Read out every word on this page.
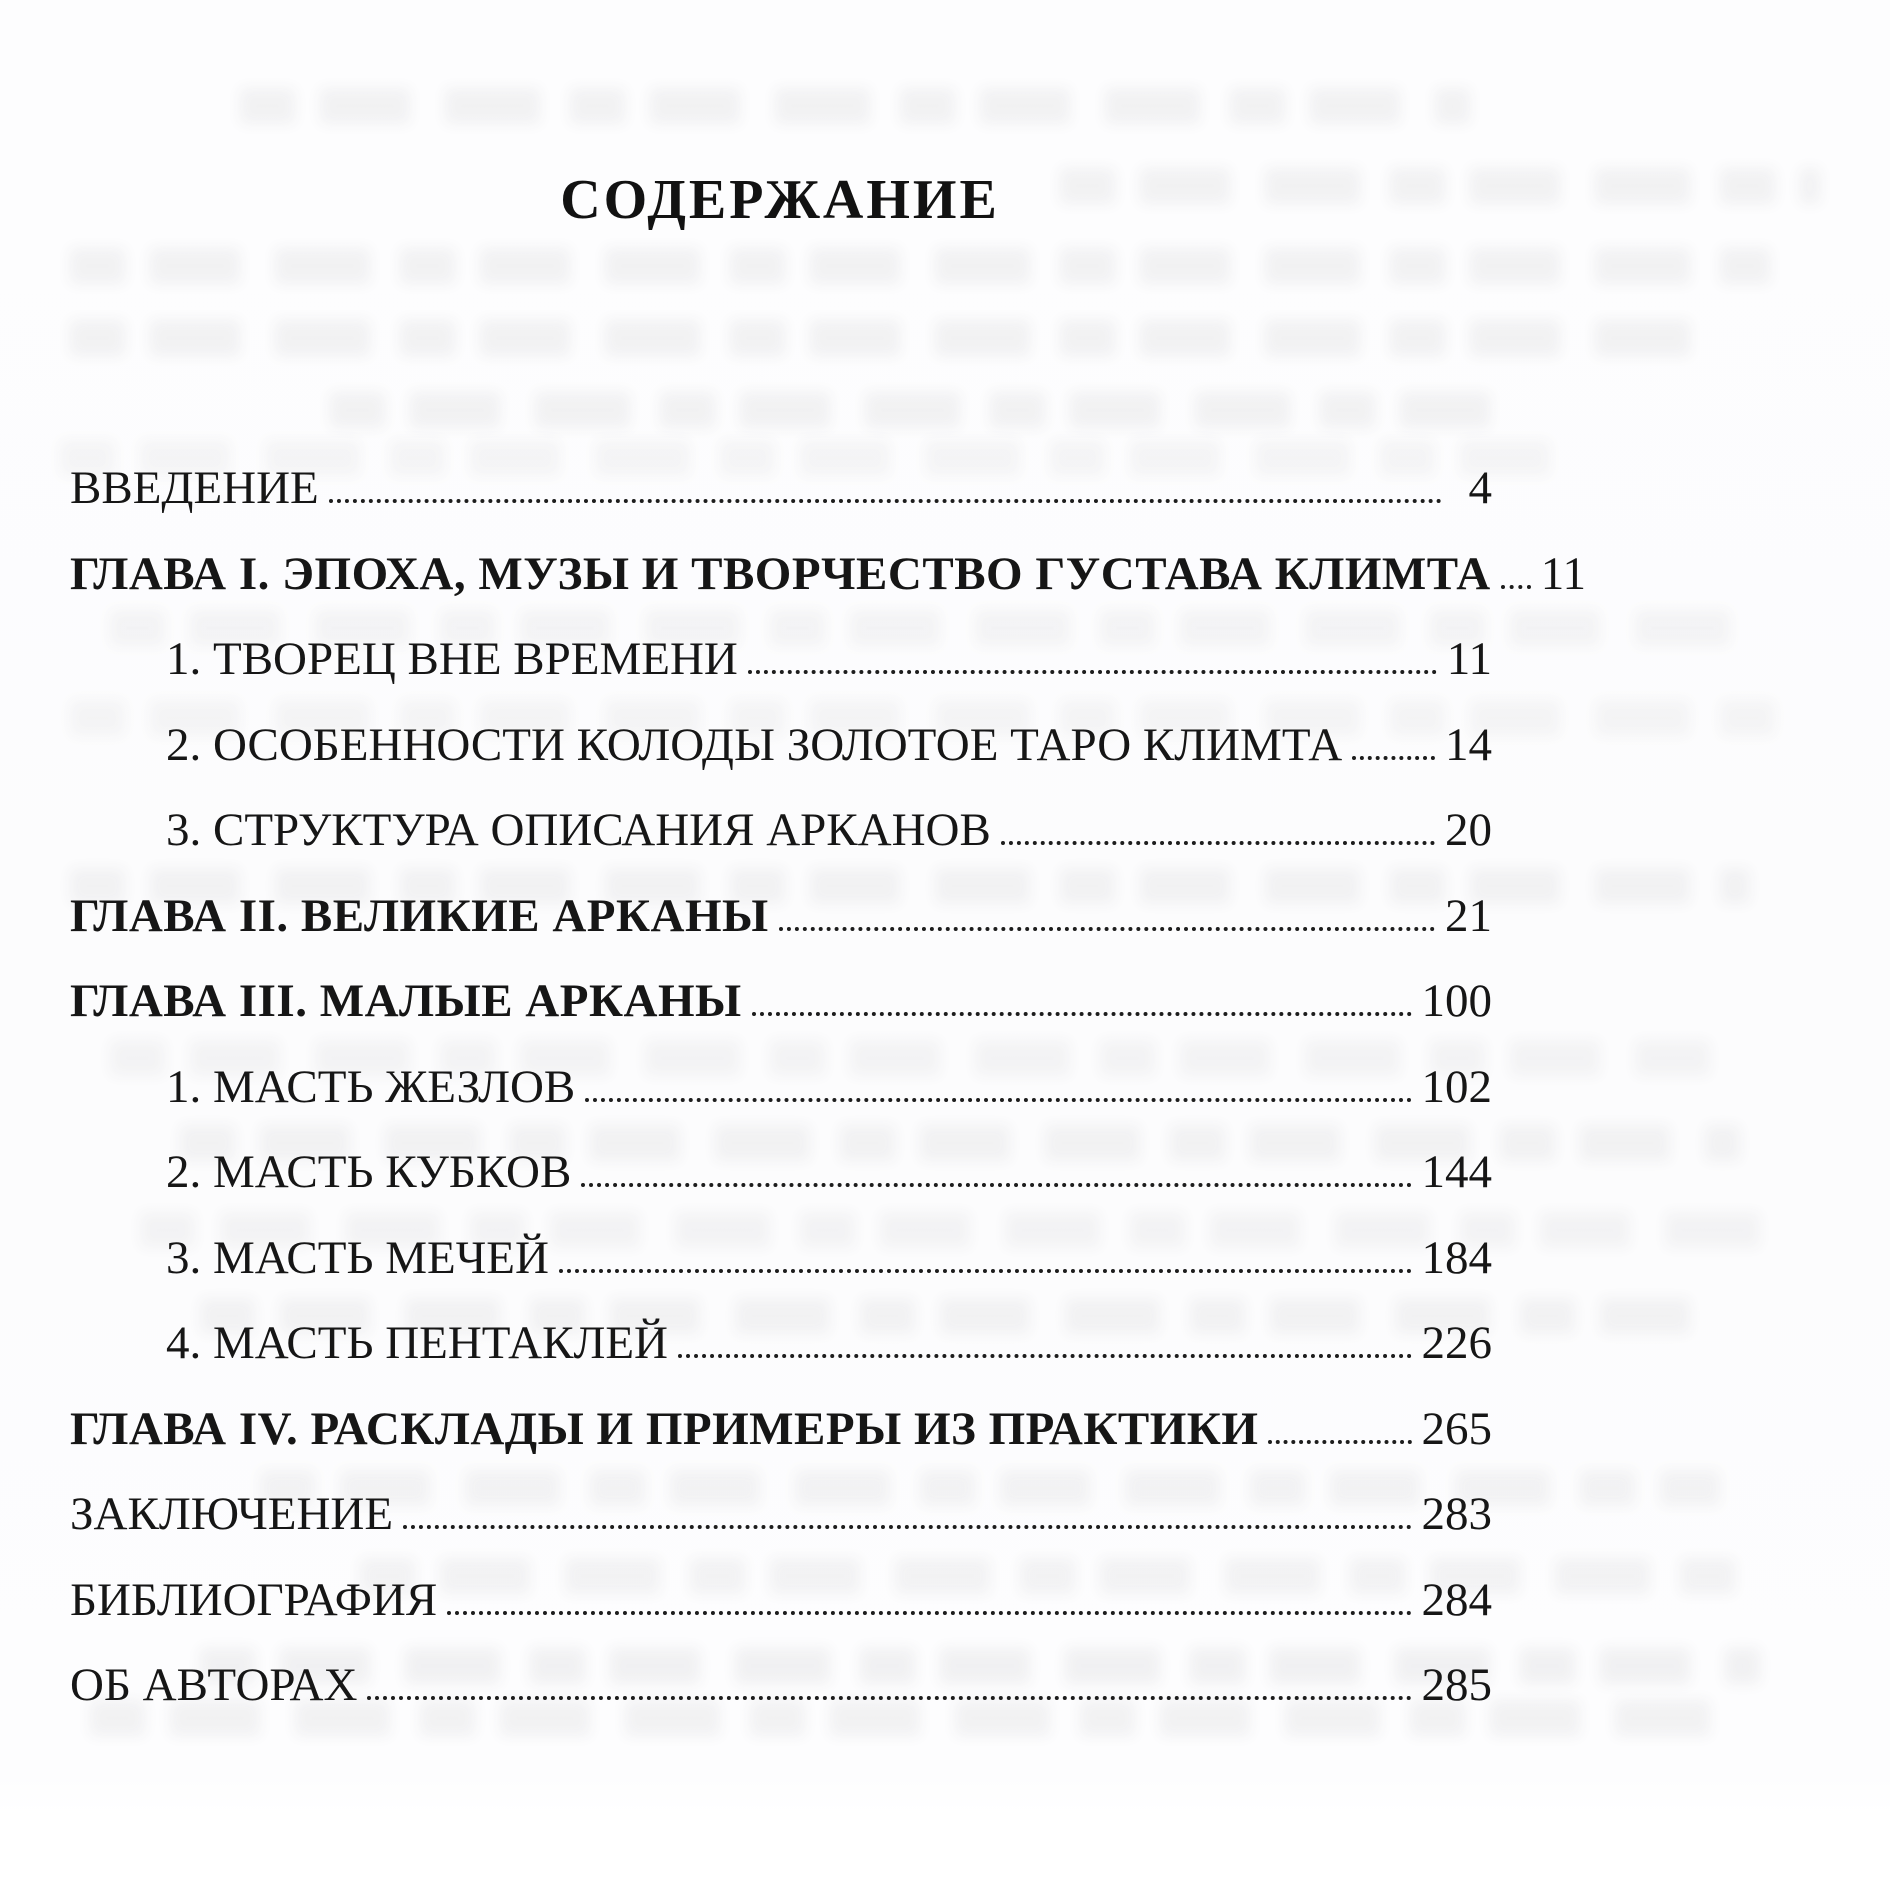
СОДЕРЖАНИЕ
ВВЕДЕНИЕ	4
ГЛАВА I. ЭПОХА, МУЗЫ И ТВОРЧЕСТВО ГУСТАВА КЛИМТА 11
1. ТВОРЕЦ ВНЕ ВРЕМЕНИ	11
2. ОСОБЕННОСТИ КОЛОДЫ ЗОЛОТОЕ ТАРО КЛИМТА 14
3. СТРУКТУРА ОПИСАНИЯ АРКАНОВ	20
ГЛАВА II. ВЕЛИКИЕ АРКАНЫ	21
ГЛАВА III. МАЛЫЕ АРКАНЫ	100
1. МАСТЬ ЖЕЗЛОВ	102
2. МАСТЬ КУБКОВ	144
3. МАСТЬ МЕЧЕЙ	184
4. МАСТЬ ПЕНТАКЛЕЙ	226
ГЛАВА IV. РАСКЛАДЫ И ПРИМЕРЫ ИЗ ПРАКТИКИ	265
ЗАКЛЮЧЕНИЕ	283
БИБЛИОГРАФИЯ	284
ОБ АВТОРАХ	285
